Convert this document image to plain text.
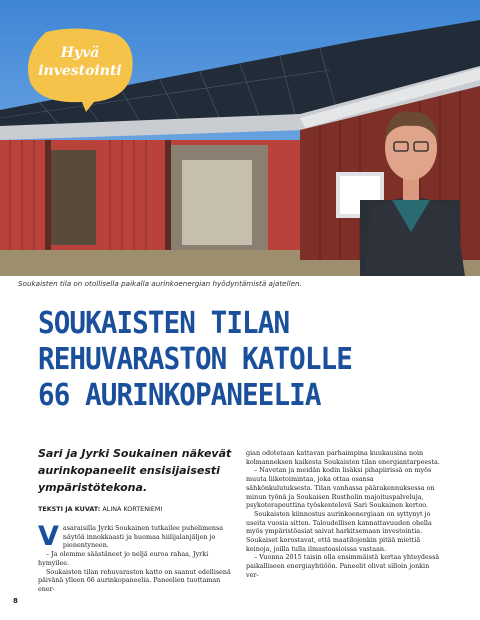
Hyvä
investointi
Soukaisten tila on otollisella paikalla aurinkoenergian hyödyntämistä ajatellen.
SOUKAISTEN TILAN
REHUVARASTON KATOLLE
66 AURINKOPANEELIA
Sari ja Jyrki Soukainen näkevät aurinkopaneelit ensisijaisesti ympäristötekona.
TEKSTI JA KUVAT: ALINA KORTENIEMI

Vasaraisilla Jyrki Soukainen tutkailee puhelimensa näytöä innokkaasti ja huomaa hiilijalanjäljen jo pienentyneen.

– Ja olemme säästäneet jo neljä euroa rahaa, Jyrki hymyilee.

Soukaisten tilan rehuvaraston katto on saanut edellisenä päivänä ylleen 66 aurinkopaneelia. Paneelien tuottaman ener-

gian odotetaan kattavan parhaimpina kuukausina noin kolmanneksen kaikesta Soukaisten tilan energiantarpeesta.

– Navetan ja meidän kodin lisäksi pihapiirissä on myös muuta liiketoimintaa, joka ottaa osansa sähkönkulutuksesta. Tilan vanhassa päärakennuksessa on minun työnä ja Soukaisen Rustholin majoituspalveluja, psykoterapeuttina työskentelevä Sari Soukainen kertoo.

Soukaisten kiinnostus aurinkoenergiaan on syttynyt jo useita vuosia sitten. Taloudellisen kannattavuuden ohella myös ympäristöasiat saivat harkitsemaan investointia. Soukaiset korostavat, että maatilojenkin pitää miettiä keinoja, joilla tulla ilmastoasioissa vastaan.

– Vuonna 2015 taisin olla ensimmäistä kertaa yhteydessä paikalliseen energiayhtiöön. Paneelit olivat silloin jonkin ver-

8
